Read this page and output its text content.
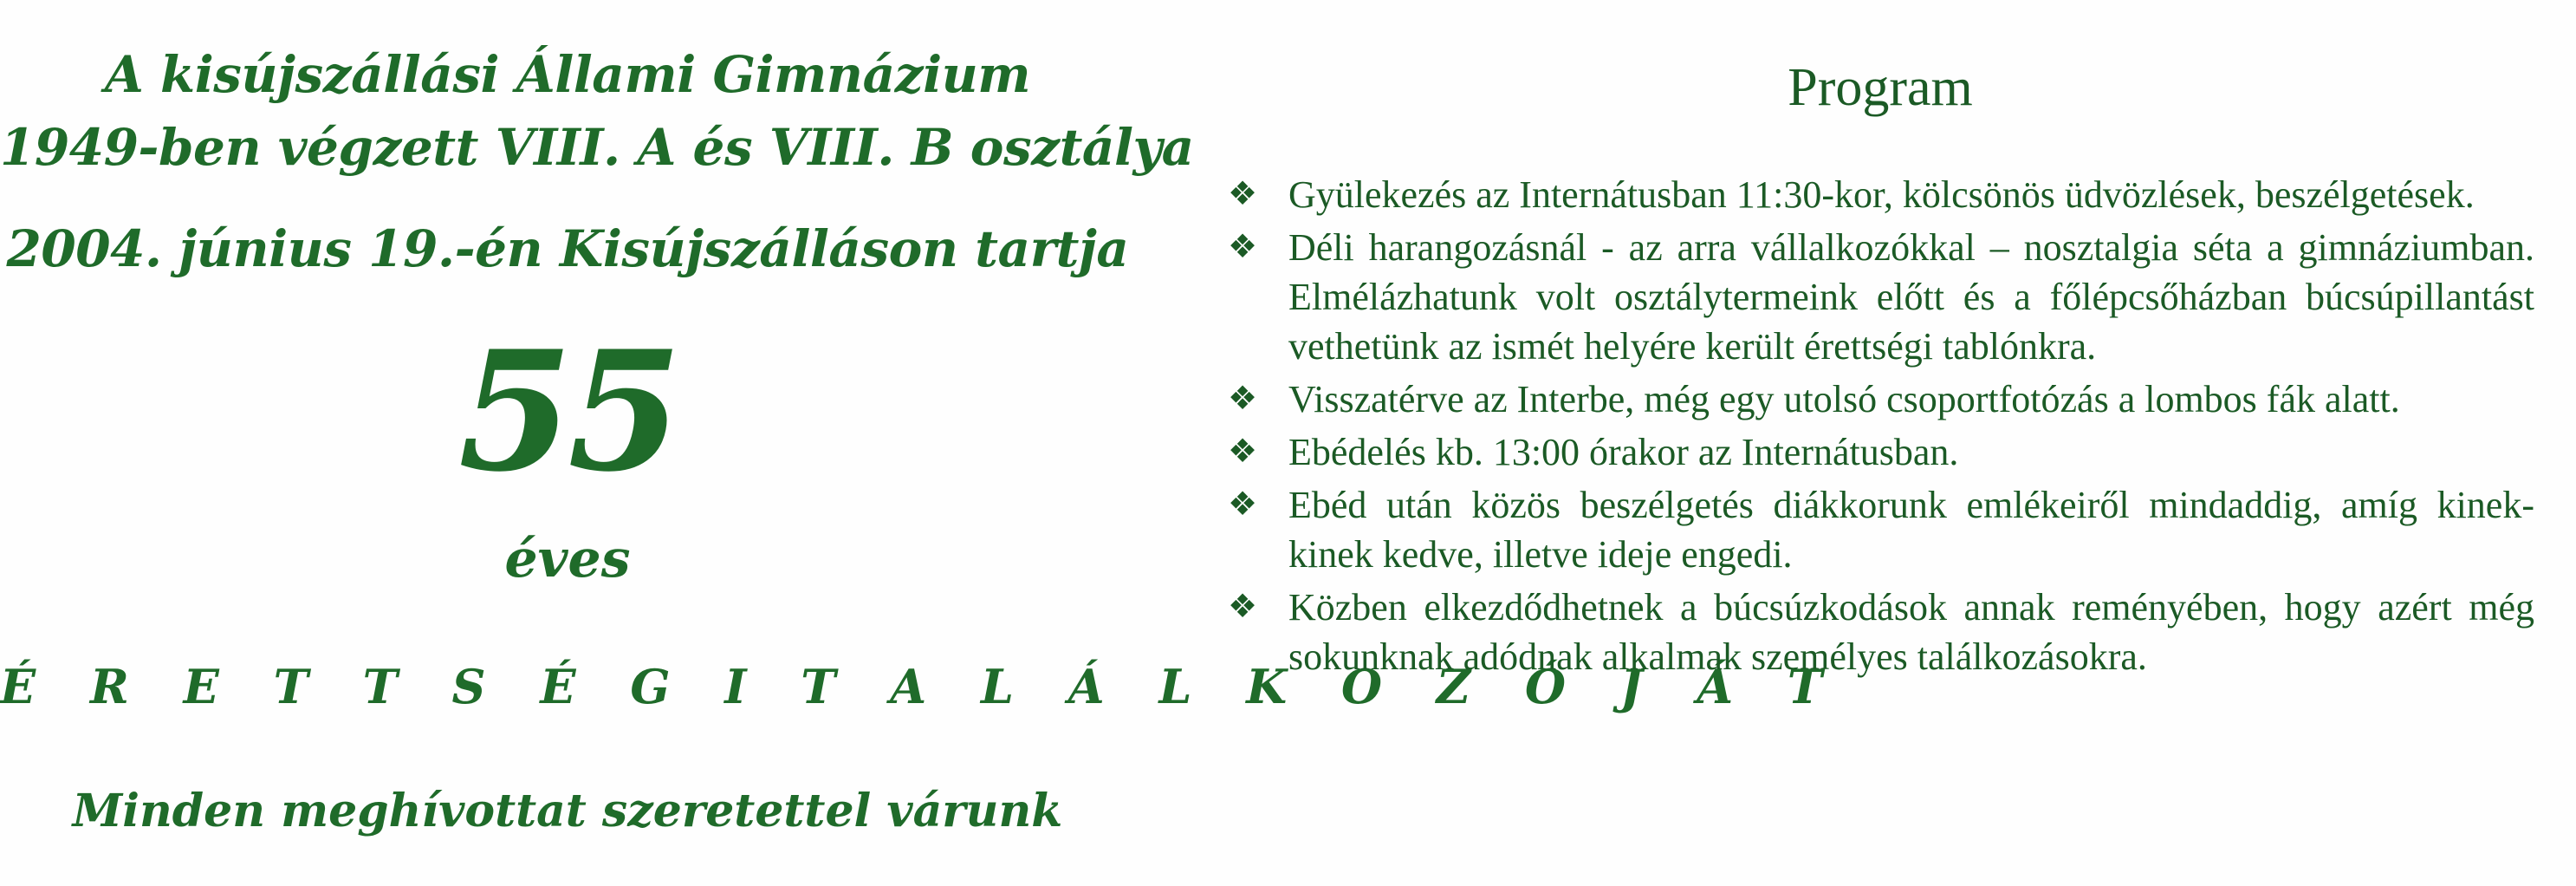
A kisújszállási Állami Gimnázium
1949-ben végzett VIII. A és VIII. B osztálya
2004. június 19.-én Kisújszálláson tartja
55
éves
É R E T T S É G I T A L Á L K O Z Ó J Á T
Minden meghívottat szeretettel várunk
Program
❖ Gyülekezés az Internátusban 11:30-kor, kölcsönös üdvözlések, beszélgetések.
❖ Déli harangozásnál - az arra vállalkozókkal – nosztalgia séta a gimnáziumban. Elmélázhatunk volt osztálytermeink előtt és a főlépcsőházban búcsúpillantást vethetünk az ismét helyére került érettségi tablónkra.
❖ Visszatérve az Interbe, még egy utolsó csoportfotózás a lombos fák alatt.
❖ Ebédelés kb. 13:00 órakor az Internátusban.
❖ Ebéd után közös beszélgetés diákkorunk emlékeiről mindaddig, amíg kinek-kinek kedve, illetve ideje engedi.
❖ Közben elkezdődhetnek a búcsúzkodások annak reményében, hogy azért még sokunknak adódnak alkalmak személyes találkozásokra.
